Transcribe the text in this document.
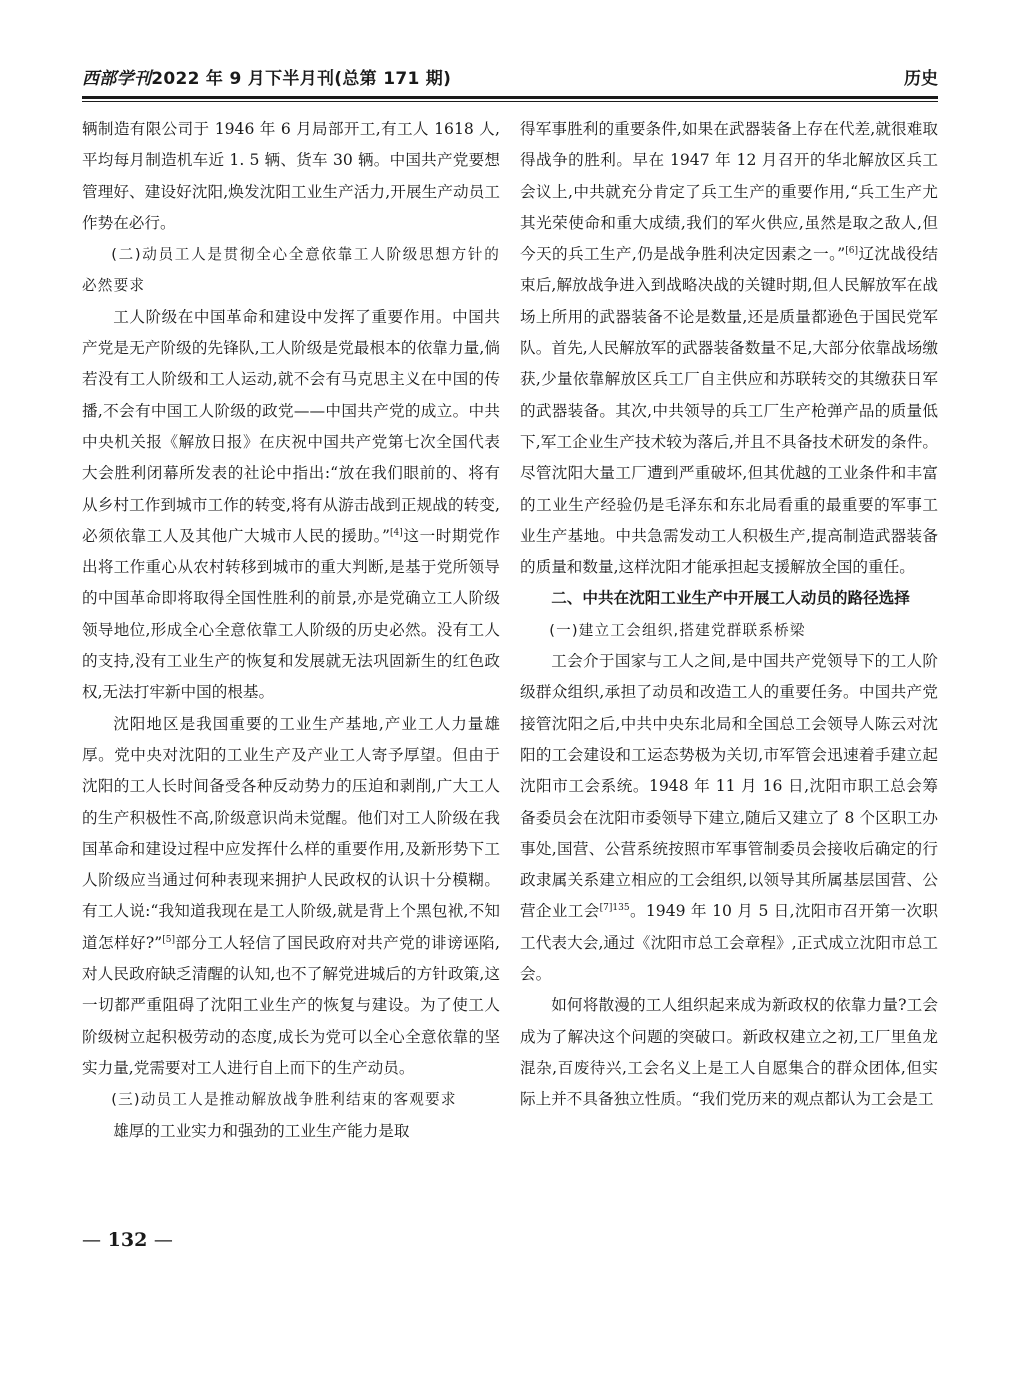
西部学刊2022 年 9 月下半月刊(总第 171 期)	历史

辆制造有限公司于 1946 年 6 月局部开工,有工人 1618 人,平均每月制造机车近 1. 5 辆、货车 30 辆。中国共产党要想管理好、建设好沈阳,焕发沈阳工业生产活力,开展生产动员工作势在必行。

(二)动员工人是贯彻全心全意依靠工人阶级思想方针的必然要求

工人阶级在中国革命和建设中发挥了重要作用。中国共产党是无产阶级的先锋队,工人阶级是党最根本的依靠力量,倘若没有工人阶级和工人运动,就不会有马克思主义在中国的传播,不会有中国工人阶级的政党——中国共产党的成立。中共中央机关报《解放日报》在庆祝中国共产党第七次全国代表大会胜利闭幕所发表的社论中指出:“放在我们眼前的、将有从乡村工作到城市工作的转变,将有从游击战到正规战的转变,必须依靠工人及其他广大城市人民的援助。”[4]这一时期党作出将工作重心从农村转移到城市的重大判断,是基于党所领导的中国革命即将取得全国性胜利的前景,亦是党确立工人阶级领导地位,形成全心全意依靠工人阶级的历史必然。没有工人的支持,没有工业生产的恢复和发展就无法巩固新生的红色政权,无法打牢新中国的根基。

沈阳地区是我国重要的工业生产基地,产业工人力量雄厚。党中央对沈阳的工业生产及产业工人寄予厚望。但由于沈阳的工人长时间备受各种反动势力的压迫和剥削,广大工人的生产积极性不高,阶级意识尚未觉醒。他们对工人阶级在我国革命和建设过程中应发挥什么样的重要作用,及新形势下工人阶级应当通过何种表现来拥护人民政权的认识十分模糊。有工人说:“我知道我现在是工人阶级,就是背上个黑包袱,不知道怎样好?”[5]部分工人轻信了国民政府对共产党的诽谤诬陷,对人民政府缺乏清醒的认知,也不了解党进城后的方针政策,这一切都严重阻碍了沈阳工业生产的恢复与建设。为了使工人阶级树立起积极劳动的态度,成长为党可以全心全意依靠的坚实力量,党需要对工人进行自上而下的生产动员。

(三)动员工人是推动解放战争胜利结束的客观要求

雄厚的工业实力和强劲的工业生产能力是取

得军事胜利的重要条件,如果在武器装备上存在代差,就很难取得战争的胜利。早在 1947 年 12 月召开的华北解放区兵工会议上,中共就充分肯定了兵工生产的重要作用,“兵工生产尤其光荣使命和重大成绩,我们的军火供应,虽然是取之敌人,但今天的兵工生产,仍是战争胜利决定因素之一。”[6]辽沈战役结束后,解放战争进入到战略决战的关键时期,但人民解放军在战场上所用的武器装备不论是数量,还是质量都逊色于国民党军队。首先,人民解放军的武器装备数量不足,大部分依靠战场缴获,少量依靠解放区兵工厂自主供应和苏联转交的其缴获日军的武器装备。其次,中共领导的兵工厂生产枪弹产品的质量低下,军工企业生产技术较为落后,并且不具备技术研发的条件。尽管沈阳大量工厂遭到严重破坏,但其优越的工业条件和丰富的工业生产经验仍是毛泽东和东北局看重的最重要的军事工业生产基地。中共急需发动工人积极生产,提高制造武器装备的质量和数量,这样沈阳才能承担起支援解放全国的重任。

二、中共在沈阳工业生产中开展工人动员的路径选择

(一)建立工会组织,搭建党群联系桥梁

工会介于国家与工人之间,是中国共产党领导下的工人阶级群众组织,承担了动员和改造工人的重要任务。中国共产党接管沈阳之后,中共中央东北局和全国总工会领导人陈云对沈阳的工会建设和工运态势极为关切,市军管会迅速着手建立起沈阳市工会系统。1948 年 11 月 16 日,沈阳市职工总会筹备委员会在沈阳市委领导下建立,随后又建立了 8 个区职工办事处,国营、公营系统按照市军事管制委员会接收后确定的行政隶属关系建立相应的工会组织,以领导其所属基层国营、公营企业工会$^{[7]135}$。1949 年 10 月 5 日,沈阳市召开第一次职工代表大会,通过《沈阳市总工会章程》,正式成立沈阳市总工会。

如何将散漫的工人组织起来成为新政权的依靠力量?工会成为了解决这个问题的突破口。新政权建立之初,工厂里鱼龙混杂,百废待兴,工会名义上是工人自愿集合的群众团体,但实际上并不具备独立性质。“我们党历来的观点都认为工会是工

— 132 —
